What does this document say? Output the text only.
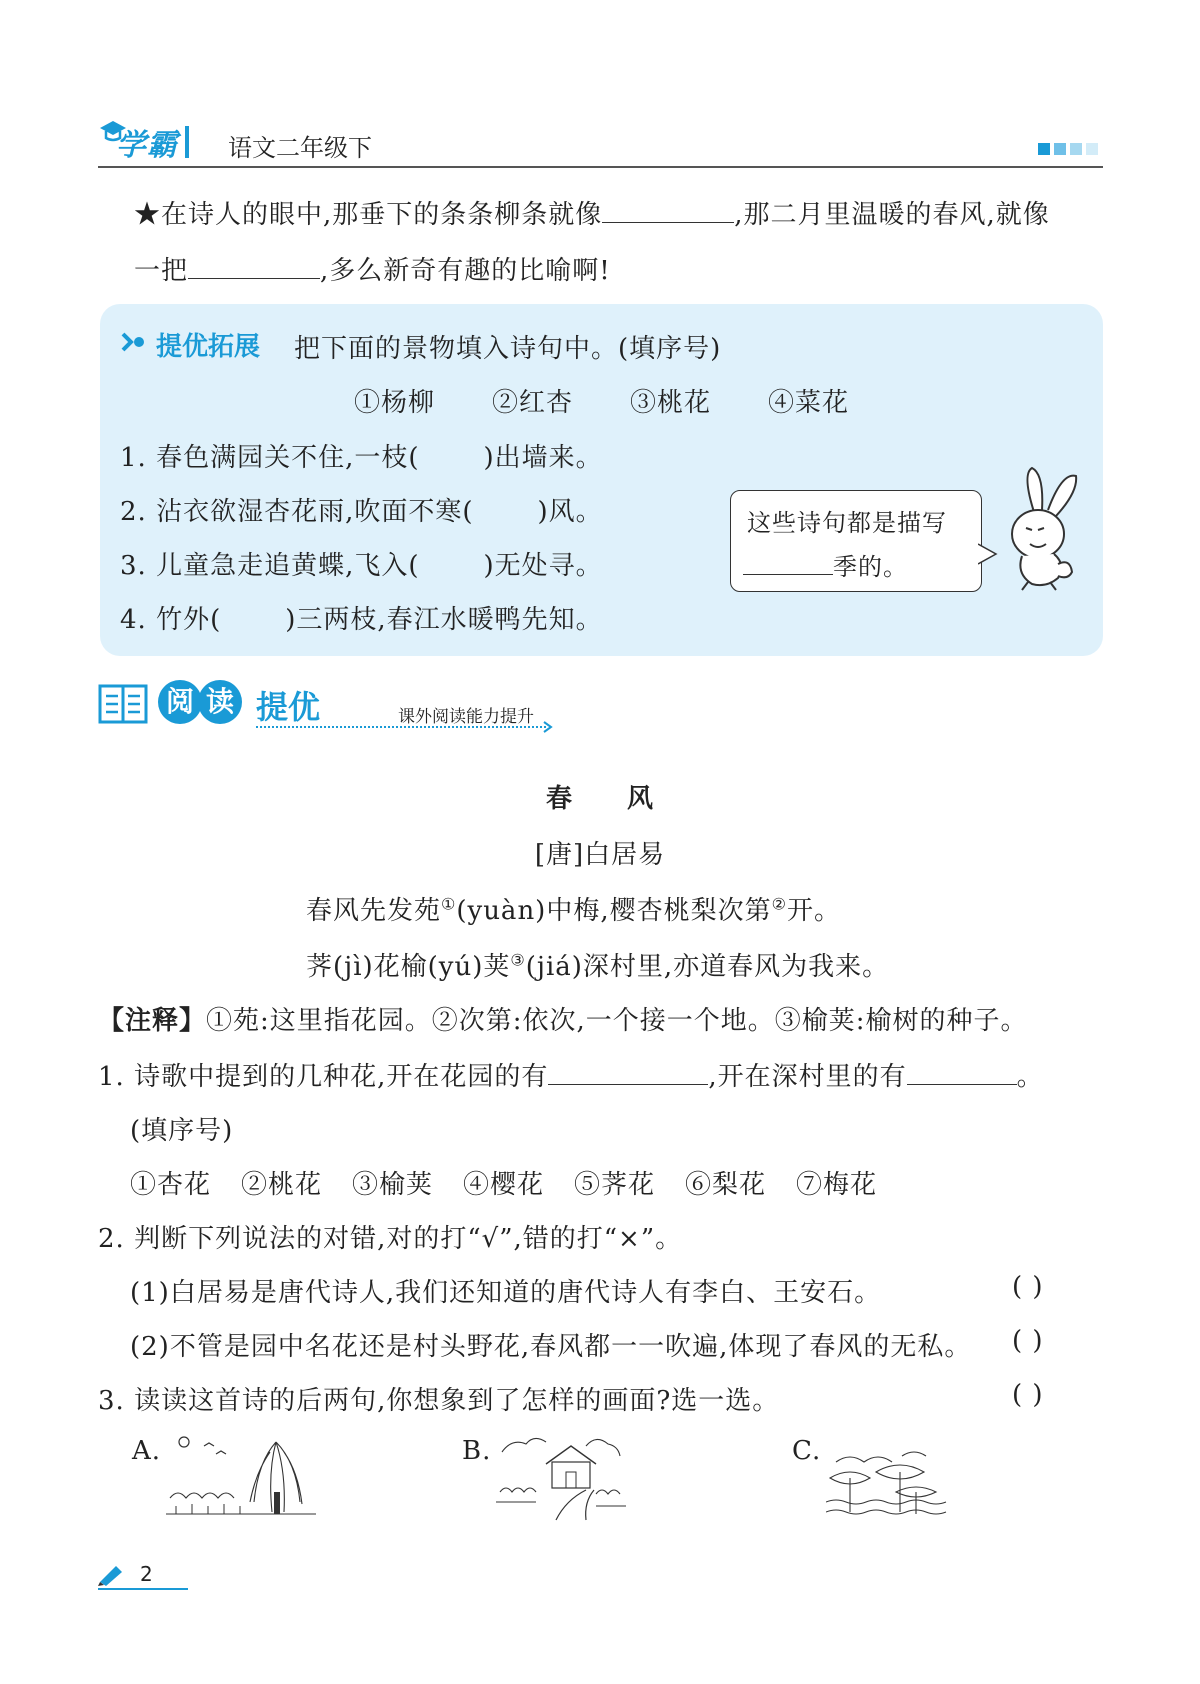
学霸 语文二年级下
★在诗人的眼中,那垂下的条条柳条就像	,那二月里温暖的春风,就像
一把	,多么新奇有趣的比喻啊!
提优拓展 把下面的景物填入诗句中。(填序号)
①杨柳 ②红杏 ③桃花 ④菜花
1. 春色满园关不住,一枝( )出墙来。
2. 沾衣欲湿杏花雨,吹面不寒( )风。
3. 儿童急走追黄蝶,飞入( )无处寻。
4. 竹外( )三两枝,春江水暖鸭先知。
这些诗句都是描写
季的。
阅 读 提优	课外阅读能力提升
春　　风
[唐]白居易
春风先发苑①(yuàn)中梅,樱杏桃梨次第②开。
荠(jì)花榆(yú)荚③(jiá)深村里,亦道春风为我来。
【注释】①苑:这里指花园。②次第:依次,一个接一个地。③榆荚:榆树的种子。
1. 诗歌中提到的几种花,开在花园的有	,开在深村里的有	。
(填序号)
①杏花 ②桃花 ③榆荚 ④樱花 ⑤荠花 ⑥梨花 ⑦梅花
2. 判断下列说法的对错,对的打“√”,错的打“×”。
(1)白居易是唐代诗人,我们还知道的唐代诗人有李白、王安石。	( )
(2)不管是园中名花还是村头野花,春风都一一吹遍,体现了春风的无私。 ( )
3. 读读这首诗的后两句,你想象到了怎样的画面?选一选。	( )
A.	B.	C.
2
